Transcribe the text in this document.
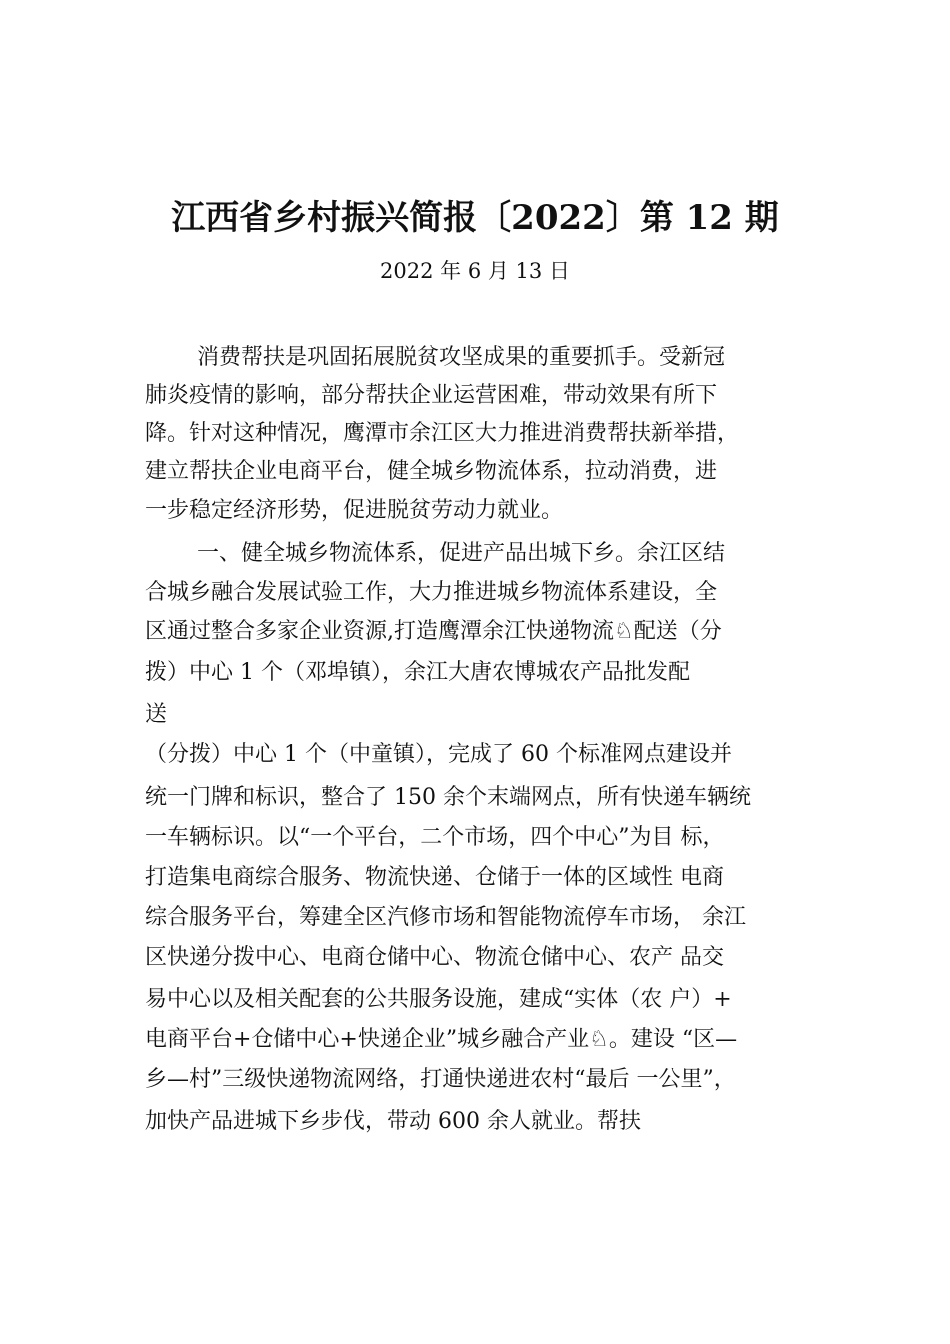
江西省乡村振兴简报〔2022〕第 12 期

2022 年 6 月 13 日

消费帮扶是巩固拓展脱贫攻坚成果的重要抓手。受新冠

肺炎疫情的影响，部分帮扶企业运营困难，带动效果有所下

降。针对这种情况，鹰潭市余江区大力推进消费帮扶新举措，

建立帮扶企业电商平台，健全城乡物流体系，拉动消费，进

一步稳定经济形势，促进脱贫劳动力就业。

一、健全城乡物流体系，促进产品出城下乡。余江区结

合城乡融合发展试验工作，大力推进城乡物流体系建设，全

区通过整合多家企业资源,打造鹰潭余江快递物流♘配送（分

拨）中心 1 个（邓埠镇），余江大唐农博城农产品批发配

送

（分拨）中心 1 个（中童镇），完成了 60 个标准网点建设并

统一门牌和标识，整合了 150 余个末端网点，所有快递车辆统

一车辆标识。以“一个平台，二个市场，四个中心”为目 标，

打造集电商综合服务、物流快递、仓储于一体的区域性 电商

综合服务平台，筹建全区汽修市场和智能物流停车市场， 余江

区快递分拨中心、电商仓储中心、物流仓储中心、农产 品交

易中心以及相关配套的公共服务设施，建成“实体（农 户）+

电商平台+仓储中心+快递企业”城乡融合产业♘。建设 “区—

乡—村”三级快递物流网络，打通快递进农村“最后 一公里”，

加快产品进城下乡步伐，带动 600 余人就业。帮扶
